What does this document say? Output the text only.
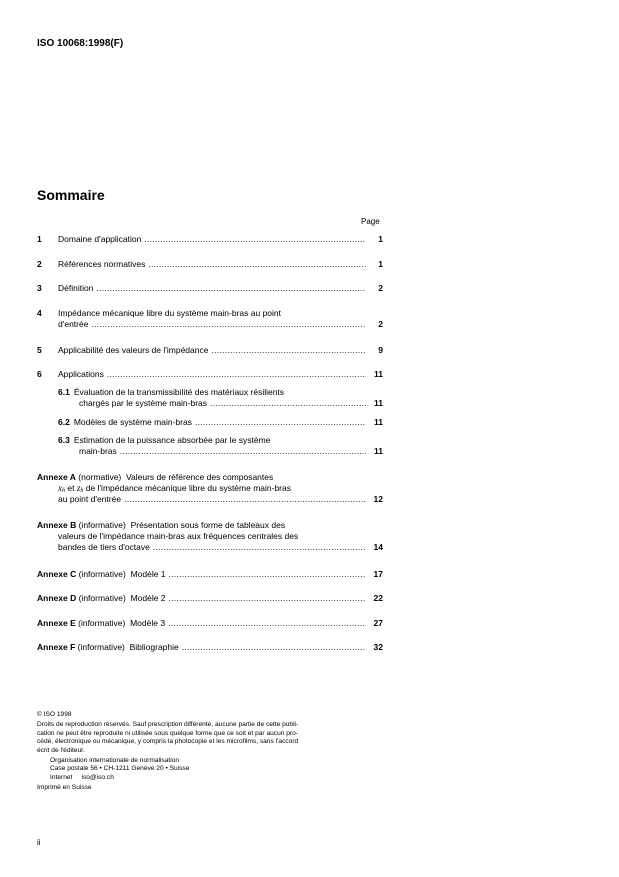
ISO 10068:1998(F)
Sommaire
Page
1 Domaine d'application .....	1
2 Références normatives .....	1
3 Définition .....	2
4 Impédance mécanique libre du système main-bras au point
d'entrée .....	2
5 Applicabilité des valeurs de l'impédance .....	9
6 Applications .....	11
6.1 Évaluation de la transmissibilité des matériaux résilients
chargés par le système main-bras .....	11
6.2 Modèles de système main-bras .....	11
6.3 Estimation de la puissance absorbée par le système
main-bras .....	11
Annexe A (normative) Valeurs de référence des composantes
xh et zh de l'impédance mécanique libre du système main-bras
au point d'entrée .....	12
Annexe B (informative) Présentation sous forme de tableaux des
valeurs de l'impédance main-bras aux fréquences centrales des
bandes de tiers d'octave .....	14
Annexe C (informative) Modèle 1 .....	17
Annexe D (informative) Modèle 2 .....	22
Annexe E (informative) Modèle 3 .....	27
Annexe F (informative) Bibliographie .....	32

© ISO 1998

Droits de reproduction réservés. Sauf prescription différente, aucune partie de cette publi-

cation ne peut être reproduite ni utilisée sous quelque forme que ce soit et par aucun pro-

cédé, électronique ou mécanique, y compris la photocopie et les microfilms, sans l'accord

écrit de l'éditeur.

Organisation internationale de normalisation

Case postale 56 • CH-1211 Genève 20 • Suisse

Internet     iso@iso.ch

Imprimé en Suisse

ii
